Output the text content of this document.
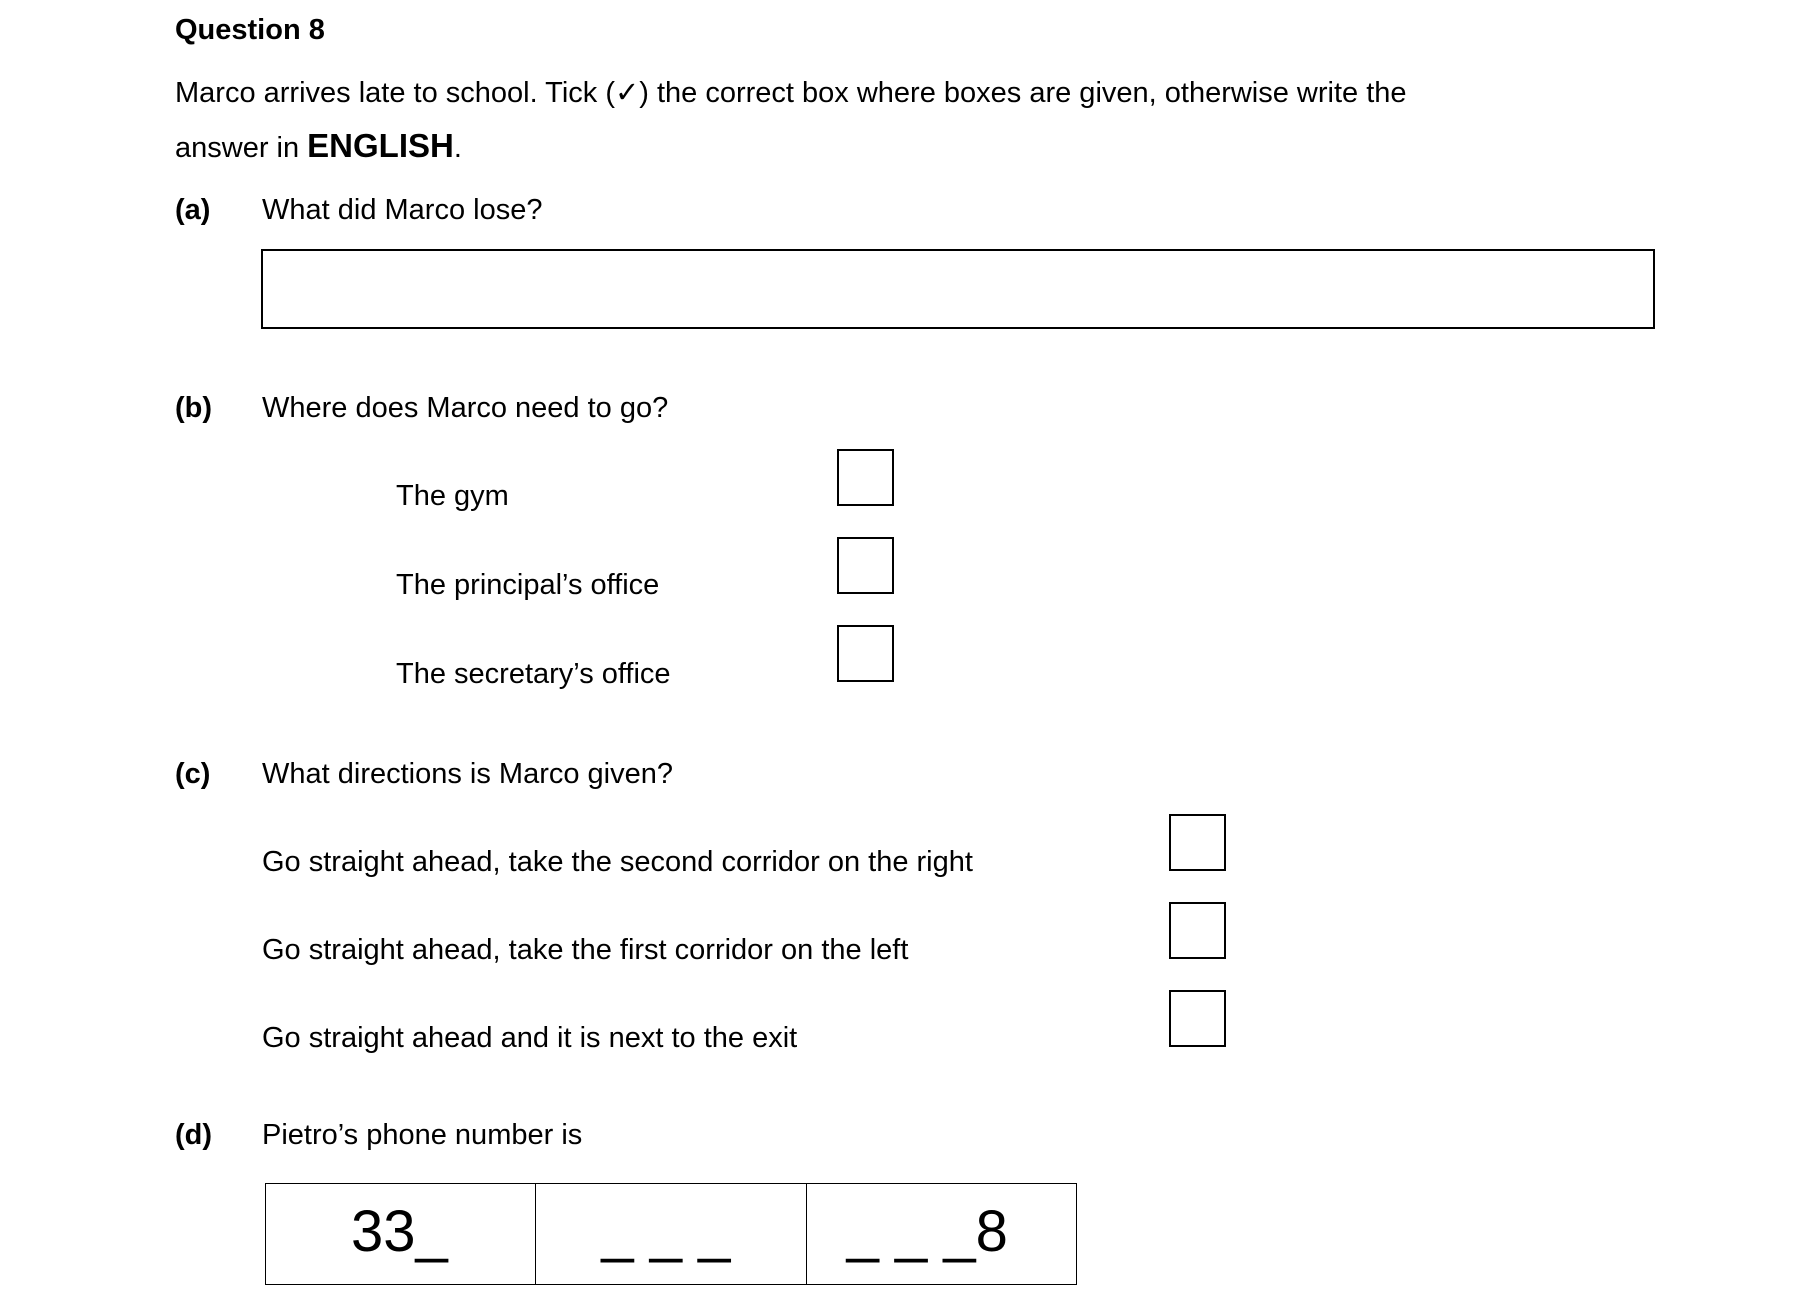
Question 8
Marco arrives late to school. Tick (✓) the correct box where boxes are given, otherwise write the
answer in ENGLISH.
(a) What did Marco lose?
(b) Where does Marco need to go?
The gym
The principal’s office
The secretary’s office
(c) What directions is Marco given?
Go straight ahead, take the second corridor on the right
Go straight ahead, take the first corridor on the left
Go straight ahead and it is next to the exit
(d) Pietro’s phone number is
33_	_ _ _ _ _ _8
